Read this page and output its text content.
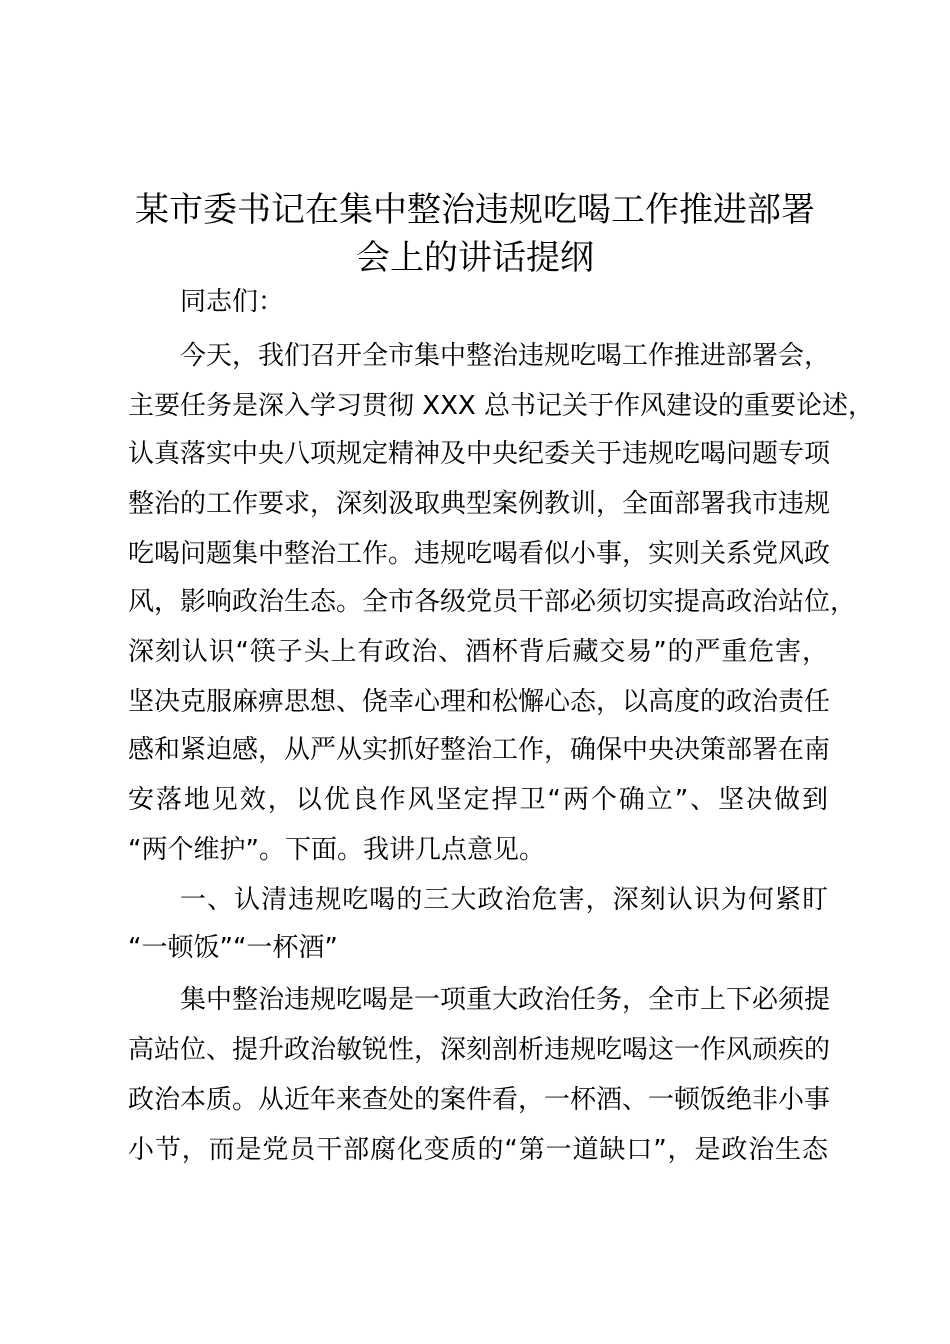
某市委书记在集中整治违规吃喝工作推进部署
会上的讲话提纲
同志们：
今天，我们召开全市集中整治违规吃喝工作推进部署会，
主要任务是深入学习贯彻 XXX 总书记关于作风建设的重要论述，
认真落实中央八项规定精神及中央纪委关于违规吃喝问题专项
整治的工作要求，深刻汲取典型案例教训，全面部署我市违规
吃喝问题集中整治工作。违规吃喝看似小事，实则关系党风政
风，影响政治生态。全市各级党员干部必须切实提高政治站位，
深刻认识“筷子头上有政治、酒杯背后藏交易”的严重危害，
坚决克服麻痹思想、侥幸心理和松懈心态，以高度的政治责任
感和紧迫感，从严从实抓好整治工作，确保中央决策部署在南
安落地见效，以优良作风坚定捍卫“两个确立”、坚决做到
“两个维护”。下面。我讲几点意见。
一、认清违规吃喝的三大政治危害，深刻认识为何紧盯
“一顿饭”“一杯酒”
集中整治违规吃喝是一项重大政治任务，全市上下必须提
高站位、提升政治敏锐性，深刻剖析违规吃喝这一作风顽疾的
政治本质。从近年来查处的案件看，一杯酒、一顿饭绝非小事
小节，而是党员干部腐化变质的“第一道缺口”，是政治生态
